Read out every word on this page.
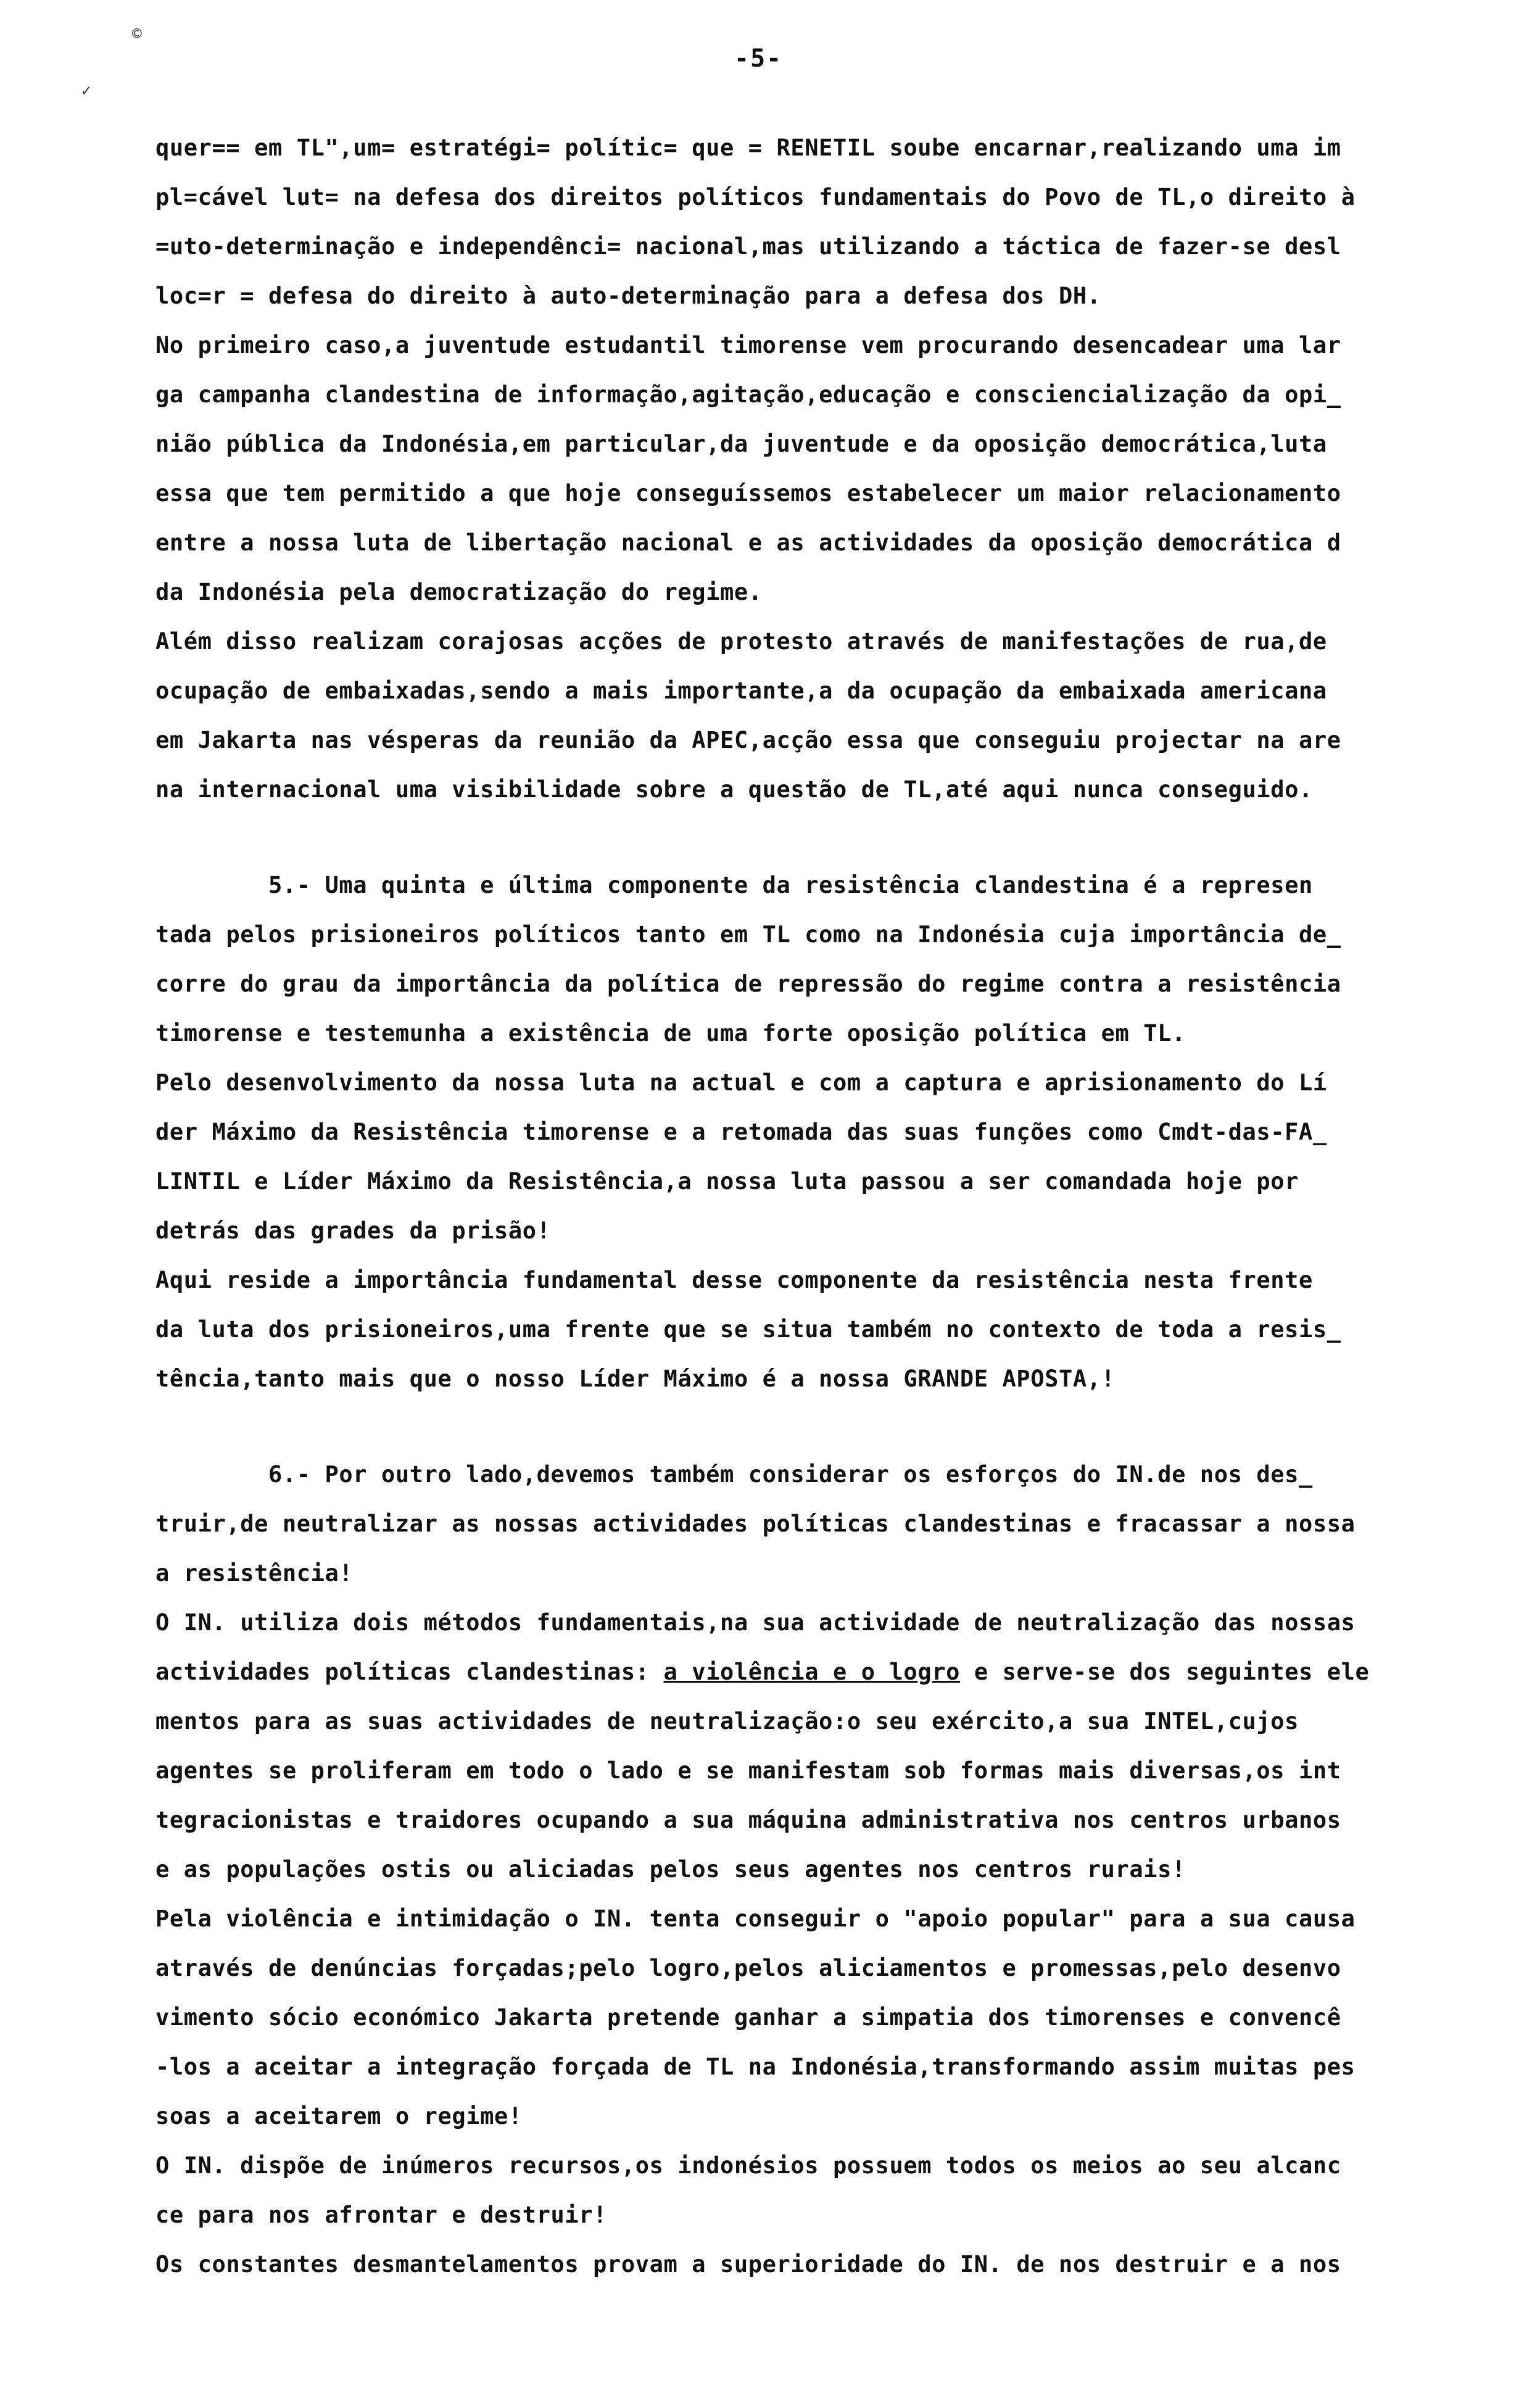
-5-
©
✓
quer== em TL",um= estratégi= polític= que = RENETIL soube encarnar,realizando uma im
pl=cável lut= na defesa dos direitos políticos fundamentais do Povo de TL,o direito à
=uto-determinação e independênci= nacional,mas utilizando a táctica de fazer-se desl
loc=r = defesa do direito à auto-determinação para a defesa dos DH.
No primeiro caso,a juventude estudantil timorense vem procurando desencadear uma lar
ga campanha clandestina de informação,agitação,educação e consciencialização da opi_
nião pública da Indonésia,em particular,da juventude e da oposição democrática,luta
essa que tem permitido a que hoje conseguíssemos estabelecer um maior relacionamento
entre a nossa luta de libertação nacional e as actividades da oposição democrática d
da Indonésia pela democratização do regime.
Além disso realizam corajosas acções de protesto através de manifestações de rua,de
ocupação de embaixadas,sendo a mais importante,a da ocupação da embaixada americana
em Jakarta nas vésperas da reunião da APEC,acção essa que conseguiu projectar na are
na internacional uma visibilidade sobre a questão de TL,até aqui nunca conseguido.
5.- Uma quinta e última componente da resistência clandestina é a represen
tada pelos prisioneiros políticos tanto em TL como na Indonésia cuja importância de_
corre do grau da importância da política de repressão do regime contra a resistência
timorense e testemunha a existência de uma forte oposição política em TL.
Pelo desenvolvimento da nossa luta na actual e com a captura e aprisionamento do Lí
der Máximo da Resistência timorense e a retomada das suas funções como Cmdt-das-FA_
LINTIL e Líder Máximo da Resistência,a nossa luta passou a ser comandada hoje por
detrás das grades da prisão!
Aqui reside a importância fundamental desse componente da resistência nesta frente
da luta dos prisioneiros,uma frente que se situa também no contexto de toda a resis_
tência,tanto mais que o nosso Líder Máximo é a nossa GRANDE APOSTA,!
6.- Por outro lado,devemos também considerar os esforços do IN.de nos des_
truir,de neutralizar as nossas actividades políticas clandestinas e fracassar a nossa
a resistência!
O IN. utiliza dois métodos fundamentais,na sua actividade de neutralização das nossas
actividades políticas clandestinas: a violência e o logro e serve-se dos seguintes ele
mentos para as suas actividades de neutralização:o seu exército,a sua INTEL,cujos
agentes se proliferam em todo o lado e se manifestam sob formas mais diversas,os int
tegracionistas e traidores ocupando a sua máquina administrativa nos centros urbanos
e as populações ostis ou aliciadas pelos seus agentes nos centros rurais!
Pela violência e intimidação o IN. tenta conseguir o "apoio popular" para a sua causa
através de denúncias forçadas;pelo logro,pelos aliciamentos e promessas,pelo desenvo
vimento sócio económico Jakarta pretende ganhar a simpatia dos timorenses e convencê
-los a aceitar a integração forçada de TL na Indonésia,transformando assim muitas pes
soas a aceitarem o regime!
O IN. dispõe de inúmeros recursos,os indonésios possuem todos os meios ao seu alcanc
ce para nos afrontar e destruir!
Os constantes desmantelamentos provam a superioridade do IN. de nos destruir e a nos
